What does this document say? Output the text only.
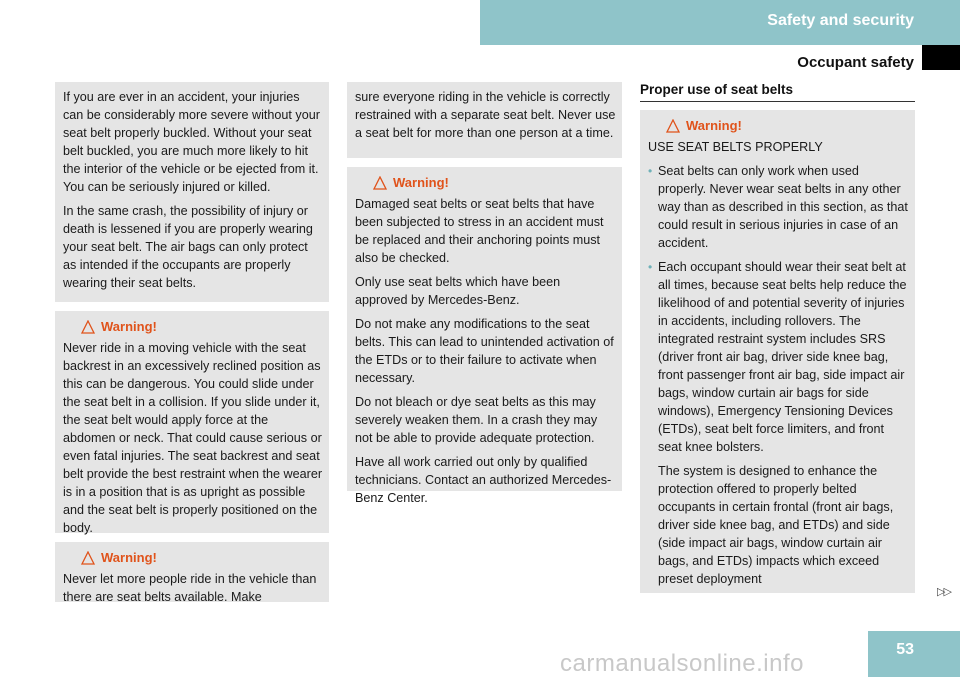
Safety and security
Occupant safety

If you are ever in an accident, your injuries can be considerably more severe without your seat belt properly buckled. Without your seat belt buckled, you are much more likely to hit the interior of the vehicle or be ejected from it. You can be seriously injured or killed.

In the same crash, the possibility of injury or death is lessened if you are properly wearing your seat belt. The air bags can only protect as intended if the occupants are properly wearing their seat belts.

Warning!

Never ride in a moving vehicle with the seat backrest in an excessively reclined position as this can be dangerous. You could slide under the seat belt in a collision. If you slide under it, the seat belt would apply force at the abdomen or neck. That could cause serious or even fatal injuries. The seat backrest and seat belt provide the best restraint when the wearer is in a position that is as upright as possible and the seat belt is properly positioned on the body.

Warning!

Never let more people ride in the vehicle than there are seat belts available. Make

sure everyone riding in the vehicle is correctly restrained with a separate seat belt. Never use a seat belt for more than one person at a time.

Warning!

Damaged seat belts or seat belts that have been subjected to stress in an accident must be replaced and their anchoring points must also be checked.

Only use seat belts which have been approved by Mercedes-Benz.

Do not make any modifications to the seat belts. This can lead to unintended activation of the ETDs or to their failure to activate when necessary.

Do not bleach or dye seat belts as this may severely weaken them. In a crash they may not be able to provide adequate protection.

Have all work carried out only by qualified technicians. Contact an authorized Mercedes-Benz Center.

Proper use of seat belts
Warning!

USE SEAT BELTS PROPERLY

• Seat belts can only work when used properly. Never wear seat belts in any other way than as described in this section, as that could result in serious injuries in case of an accident.
• Each occupant should wear their seat belt at all times, because seat belts help reduce the likelihood of and potential severity of injuries in accidents, including rollovers. The integrated restraint system includes SRS (driver front air bag, driver side knee bag, front passenger front air bag, side impact air bags, window curtain air bags for side windows), Emergency Tensioning Devices (ETDs), seat belt force limiters, and front seat knee bolsters.

The system is designed to enhance the protection offered to properly belted occupants in certain frontal (front air bags, driver side knee bag, and ETDs) and side (side impact air bags, window curtain air bags, and ETDs) impacts which exceed preset deployment

▷▷
53
carmanualsonline.info
